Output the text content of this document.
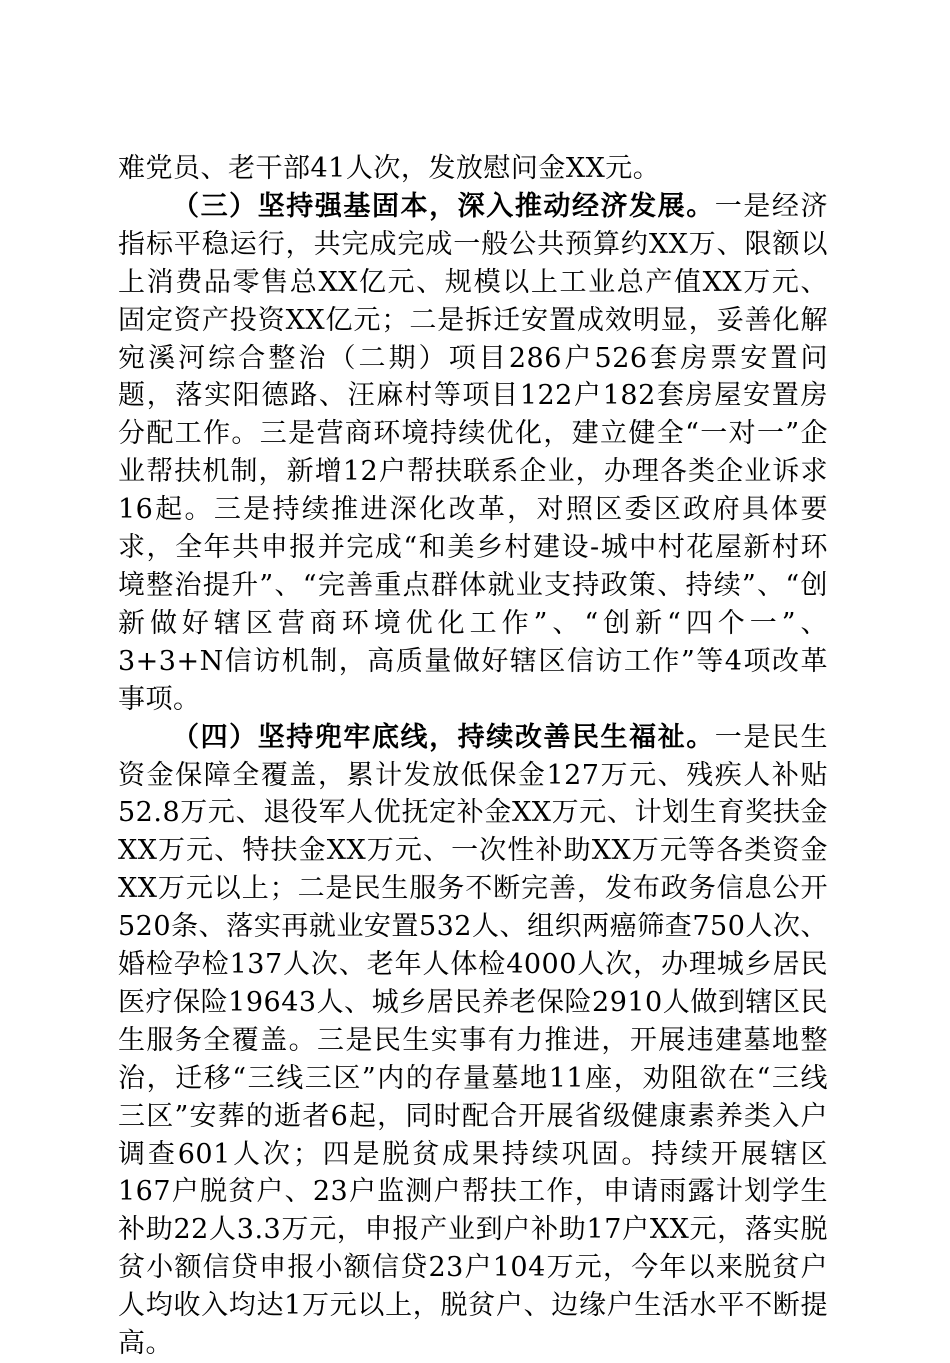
难党员、老干部41人次，发放慰问金XX元。

（三）坚持强基固本，深入推动经济发展。一是经济指标平稳运行，共完成完成一般公共预算约XX万、限额以上消费品零售总XX亿元、规模以上工业总产值XX万元、固定资产投资XX亿元；二是拆迁安置成效明显，妥善化解宛溪河综合整治（二期）项目286户526套房票安置问题，落实阳德路、汪麻村等项目122户182套房屋安置房分配工作。三是营商环境持续优化，建立健全“一对一”企业帮扶机制，新增12户帮扶联系企业，办理各类企业诉求16起。三是持续推进深化改革，对照区委区政府具体要求，全年共申报并完成“和美乡村建设-城中村花屋新村环境整治提升”、“完善重点群体就业支持政策、持续”、“创新做好辖区营商环境优化工作”、“创新“四个一”、3+3+N信访机制，高质量做好辖区信访工作”等4项改革事项。

（四）坚持兜牢底线，持续改善民生福祉。一是民生资金保障全覆盖，累计发放低保金127万元、残疾人补贴52.8万元、退役军人优抚定补金XX万元、计划生育奖扶金XX万元、特扶金XX万元、一次性补助XX万元等各类资金XX万元以上；二是民生服务不断完善，发布政务信息公开520条、落实再就业安置532人、组织两癌筛查750人次、婚检孕检137人次、老年人体检4000人次，办理城乡居民医疗保险19643人、城乡居民养老保险2910人做到辖区民生服务全覆盖。三是民生实事有力推进，开展违建墓地整治，迁移“三线三区”内的存量墓地11座，劝阻欲在“三线三区”安葬的逝者6起，同时配合开展省级健康素养类入户调查601人次；四是脱贫成果持续巩固。持续开展辖区167户脱贫户、23户监测户帮扶工作，申请雨露计划学生补助22人3.3万元，申报产业到户补助17户XX元，落实脱贫小额信贷申报小额信贷23户104万元，今年以来脱贫户人均收入均达1万元以上，脱贫户、边缘户生活水平不断提高。
